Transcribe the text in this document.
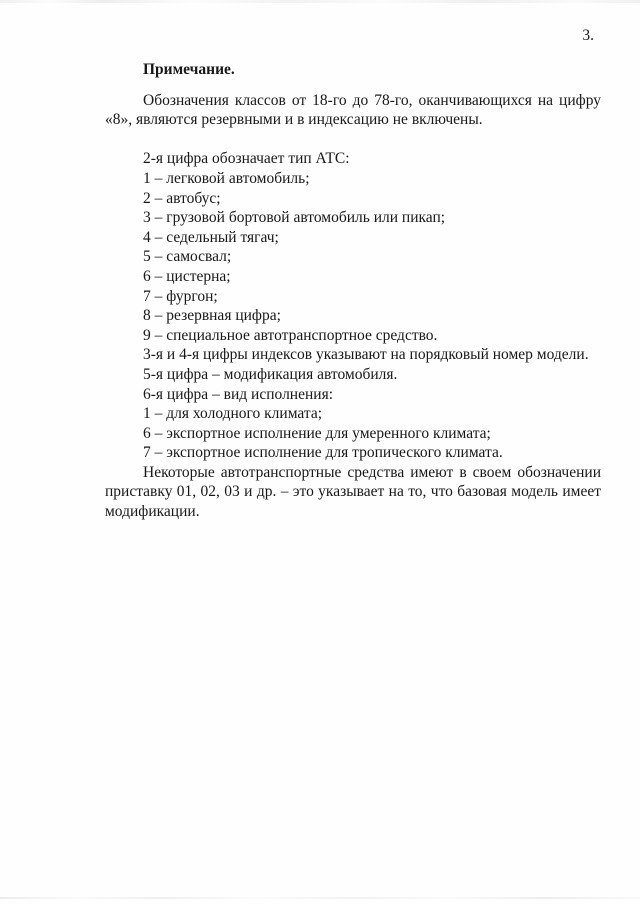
3.

Примечание.

Обозначения классов от 18-го до 78-го, оканчивающихся на цифру «8», являются резервными и в индексацию не включены.

2-я цифра обозначает тип АТС:

1 – легковой автомобиль;

2 – автобус;

3 – грузовой бортовой автомобиль или пикап;

4 – седельный тягач;

5 – самосвал;

6 – цистерна;

7 – фургон;

8 – резервная цифра;

9 – специальное автотранспортное средство.

3-я и 4-я цифры индексов указывают на порядковый номер модели.

5-я цифра – модификация автомобиля.

6-я цифра – вид исполнения:

1 – для холодного климата;

6 – экспортное исполнение для умеренного климата;

7 – экспортное исполнение для тропического климата.

Некоторые автотранспортные средства имеют в своем обозначении приставку 01, 02, 03 и др. – это указывает на то, что базовая модель имеет модификации.
